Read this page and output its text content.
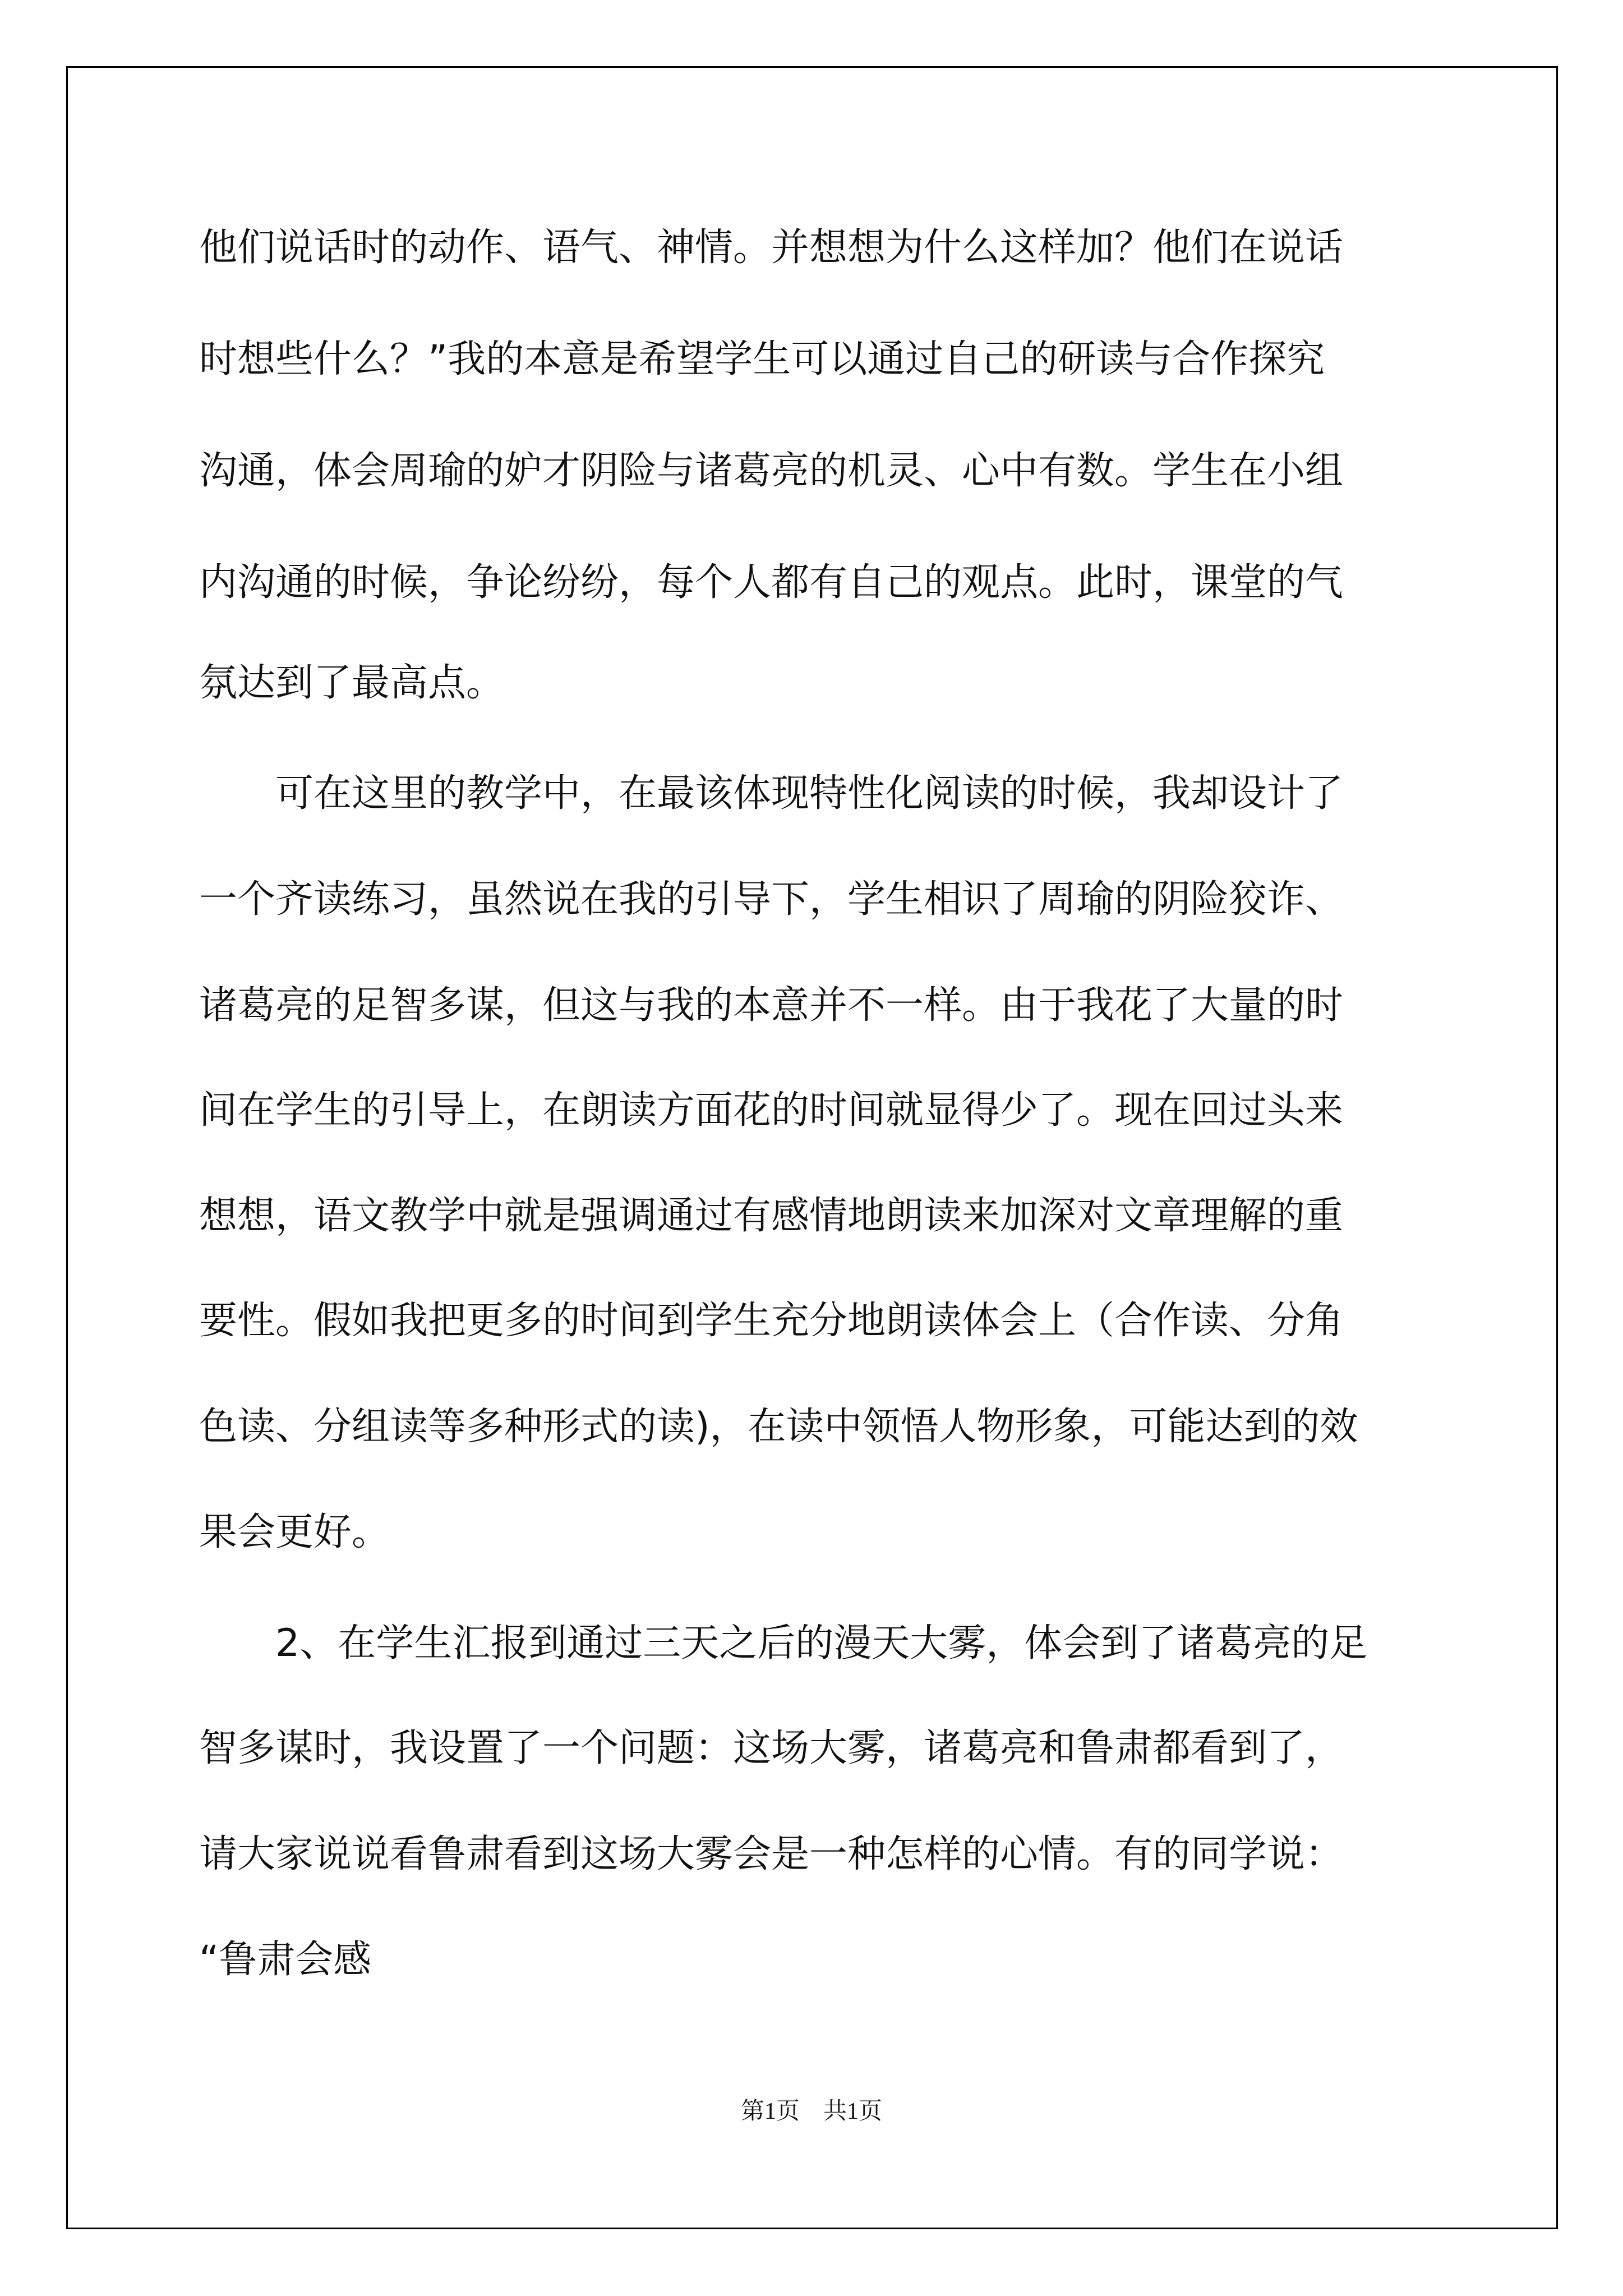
他们说话时的动作、语气、神情。并想想为什么这样加？他们在说话

时想些什么？”我的本意是希望学生可以通过自己的研读与合作探究

沟通，体会周瑜的妒才阴险与诸葛亮的机灵、心中有数。学生在小组

内沟通的时候，争论纷纷，每个人都有自己的观点。此时，课堂的气

氛达到了最高点。

　　可在这里的教学中，在最该体现特性化阅读的时候，我却设计了

一个齐读练习，虽然说在我的引导下，学生相识了周瑜的阴险狡诈、

诸葛亮的足智多谋，但这与我的本意并不一样。由于我花了大量的时

间在学生的引导上，在朗读方面花的时间就显得少了。现在回过头来

想想，语文教学中就是强调通过有感情地朗读来加深对文章理解的重

要性。假如我把更多的时间到学生充分地朗读体会上（合作读、分角

色读、分组读等多种形式的读)，在读中领悟人物形象，可能达到的效

果会更好。

　　2、在学生汇报到通过三天之后的漫天大雾，体会到了诸葛亮的足

智多谋时，我设置了一个问题：这场大雾，诸葛亮和鲁肃都看到了，

请大家说说看鲁肃看到这场大雾会是一种怎样的心情。有的同学说：

“鲁肃会感

第1页　共1页
